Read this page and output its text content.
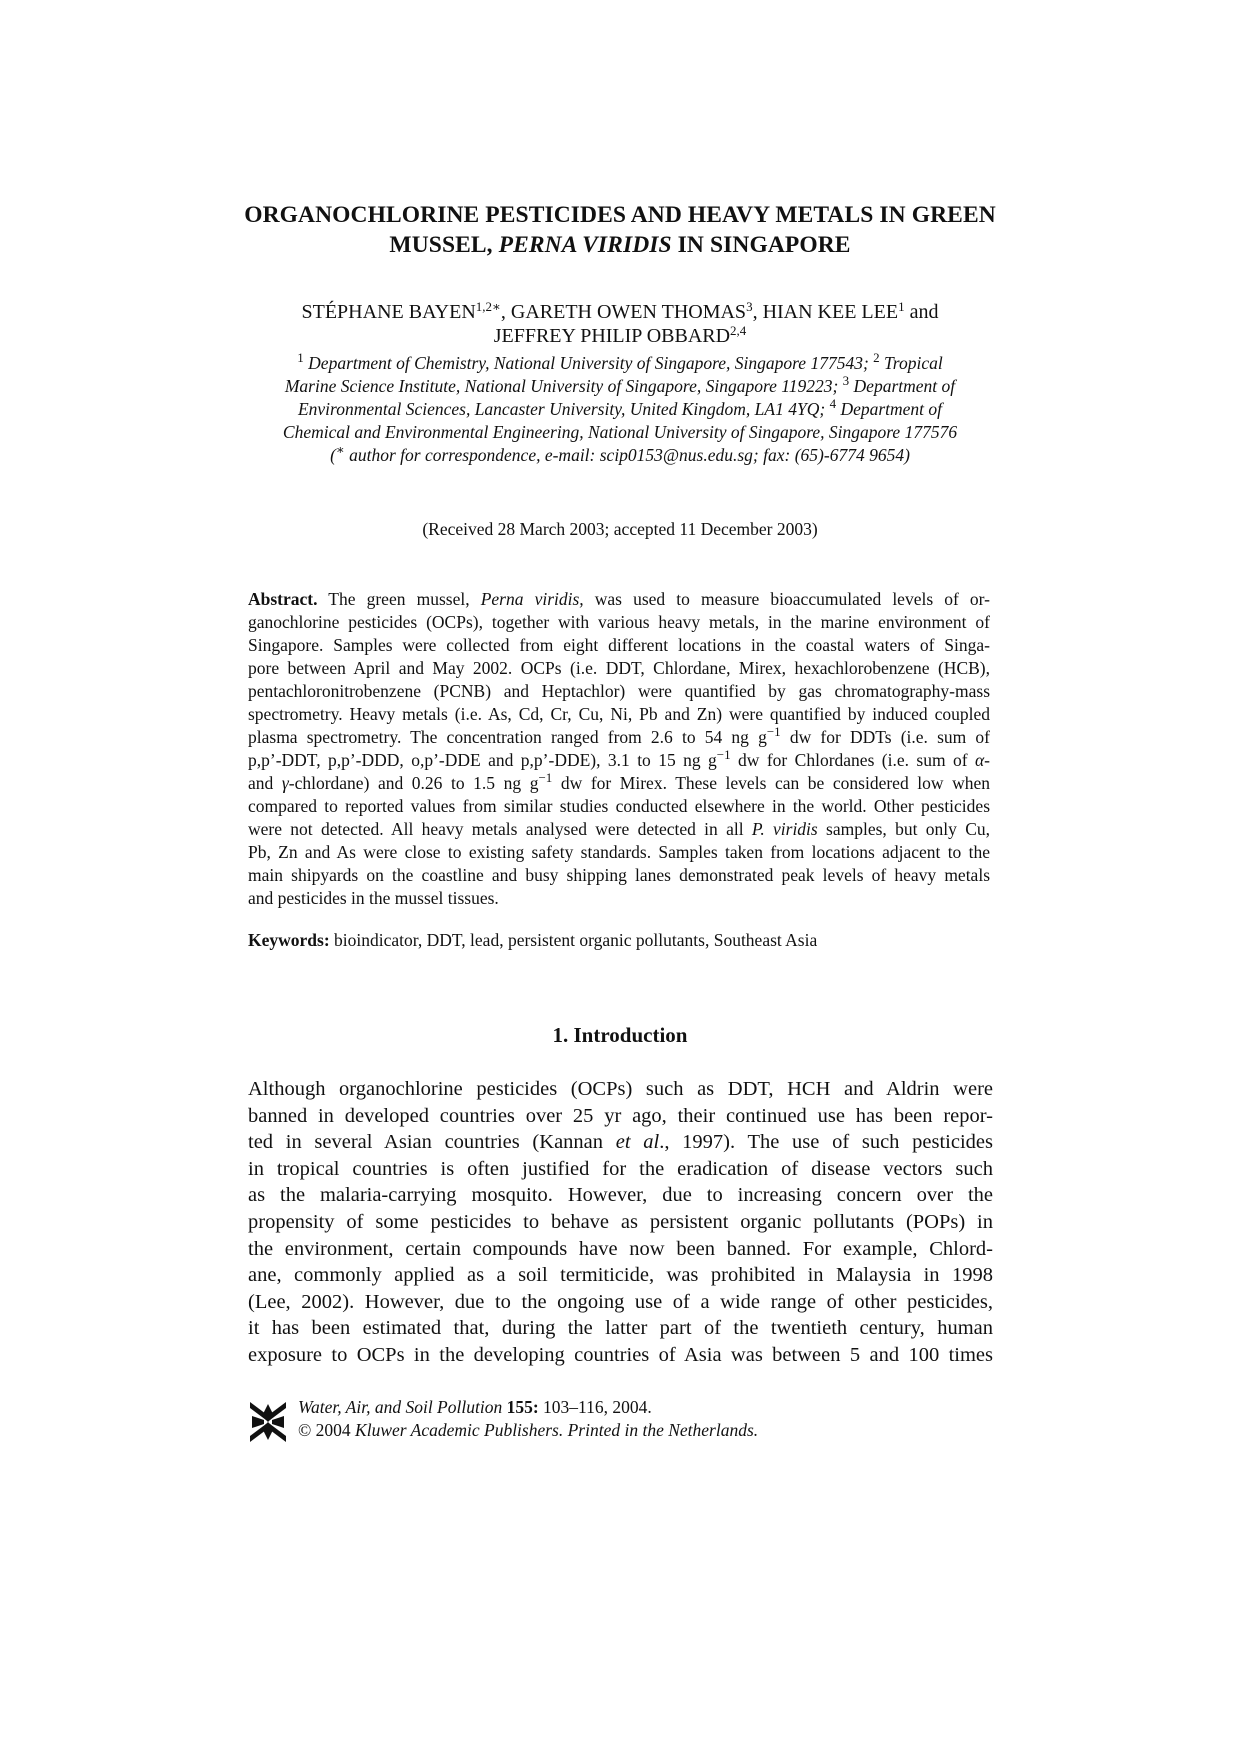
ORGANOCHLORINE PESTICIDES AND HEAVY METALS IN GREEN
MUSSEL, PERNA VIRIDIS IN SINGAPORE
STÉPHANE $BAYEN^{1,2∗}$, GARETH OWEN THOMAS$^3$, HIAN KEE LEE$^1$ and
JEFFREY PHILIP OBBARD$^{2,4}$
$^1$ Department of Chemistry, National University of Singapore, Singapore 177543; $^2$ Tropical
Marine Science Institute, National University of Singapore, Singapore 119223; $^3$ Department of
Environmental Sciences, Lancaster University, United Kingdom, LA1 4YQ; $^4$ Department of
Chemical and Environmental Engineering, National University of Singapore, Singapore 177576
(∗ author for correspondence, e-mail: scip0153@nus.edu.sg; fax: (65)-6774 9654)
(Received 28 March 2003; accepted 11 December 2003)
Abstract. The green mussel, Perna viridis, was used to measure bioaccumulated levels of or-
ganochlorine pesticides (OCPs), together with various heavy metals, in the marine environment of
Singapore. Samples were collected from eight different locations in the coastal waters of Singa-
pore between April and May 2002. OCPs (i.e. DDT, Chlordane, Mirex, hexachlorobenzene (HCB),
pentachloronitrobenzene (PCNB) and Heptachlor) were quantified by gas chromatography-mass
spectrometry. Heavy metals (i.e. As, Cd, Cr, Cu, Ni, Pb and Zn) were quantified by induced coupled
plasma spectrometry. The concentration ranged from 2.6 to 54 ng $g^{-1}$ dw for DDTs (i.e. sum of
p,p’-DDT, p,p’-DDD, o,p’-DDE and p,p’-DDE), 3.1 to 15 ng $g^{-1}$ dw for Chlordanes (i.e. sum of α-
and γ-chlordane) and 0.26 to 1.5 ng $g^{-1}$ dw for Mirex. These levels can be considered low when
compared to reported values from similar studies conducted elsewhere in the world. Other pesticides
were not detected. All heavy metals analysed were detected in all P. viridis samples, but only Cu,
Pb, Zn and As were close to existing safety standards. Samples taken from locations adjacent to the
main shipyards on the coastline and busy shipping lanes demonstrated peak levels of heavy metals
and pesticides in the mussel tissues.
Keywords: bioindicator, DDT, lead, persistent organic pollutants, Southeast Asia
1. Introduction
Although organochlorine pesticides (OCPs) such as DDT, HCH and Aldrin were
banned in developed countries over 25 yr ago, their continued use has been repor-
ted in several Asian countries (Kannan et al., 1997). The use of such pesticides
in tropical countries is often justified for the eradication of disease vectors such
as the malaria-carrying mosquito. However, due to increasing concern over the
propensity of some pesticides to behave as persistent organic pollutants (POPs) in
the environment, certain compounds have now been banned. For example, Chlord-
ane, commonly applied as a soil termiticide, was prohibited in Malaysia in 1998
(Lee, 2002). However, due to the ongoing use of a wide range of other pesticides,
it has been estimated that, during the latter part of the twentieth century, human
exposure to OCPs in the developing countries of Asia was between 5 and 100 times
Water, Air, and Soil Pollution 155: 103–116, 2004.
© 2004 Kluwer Academic Publishers. Printed in the Netherlands.
